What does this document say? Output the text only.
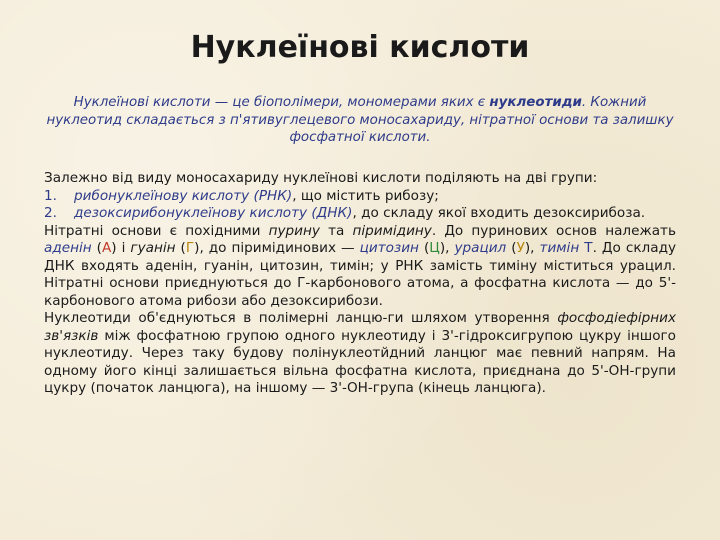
Нуклеїнові кислоти
Нуклеїнові кислоти — це біополімери, мономерами яких є нуклеотиди. Кожний нуклеотид складається з п'ятивуглецевого моносахариду, нітратної основи та залишку фосфатної кислоти.

Залежно від виду моносахариду нуклеїнові кислоти поділяють на дві групи:

1.	рибонуклеїнову кислоту (РНК), що містить рибозу;
2.	дезоксирибонуклеїнову кислоту (ДНК), до складу якої входить дезоксирибоза.

Нітратні основи є похідними пурину та піримідину. До пуринових основ належать аденін (А) і гуанін (Г), до піримідинових — цитозин (Ц), урацил (У), тимін Т. До складу ДНК входять аденін, гуанін, цитозин, тимін; у РНК замість тиміну міститься урацил. Нітратні основи приєднуються до Г-карбонового атома, а фосфатна кислота — до 5'-карбонового атома рибози або дезоксирибози.

Нуклеотиди об'єднуються в полімерні ланцю-ги шляхом утворення фосфодіефірних зв'язків між фосфатною групою одного нуклеотиду і 3'-гідроксигрупою цукру іншого нуклеотиду. Через таку будову полінуклеотйдний ланцюг має певний напрям. На одному його кінці залишається вільна фосфатна кислота, приєднана до 5'-ОН-групи цукру (початок ланцюга), на іншому — 3'-ОН-група (кінець ланцюга).
